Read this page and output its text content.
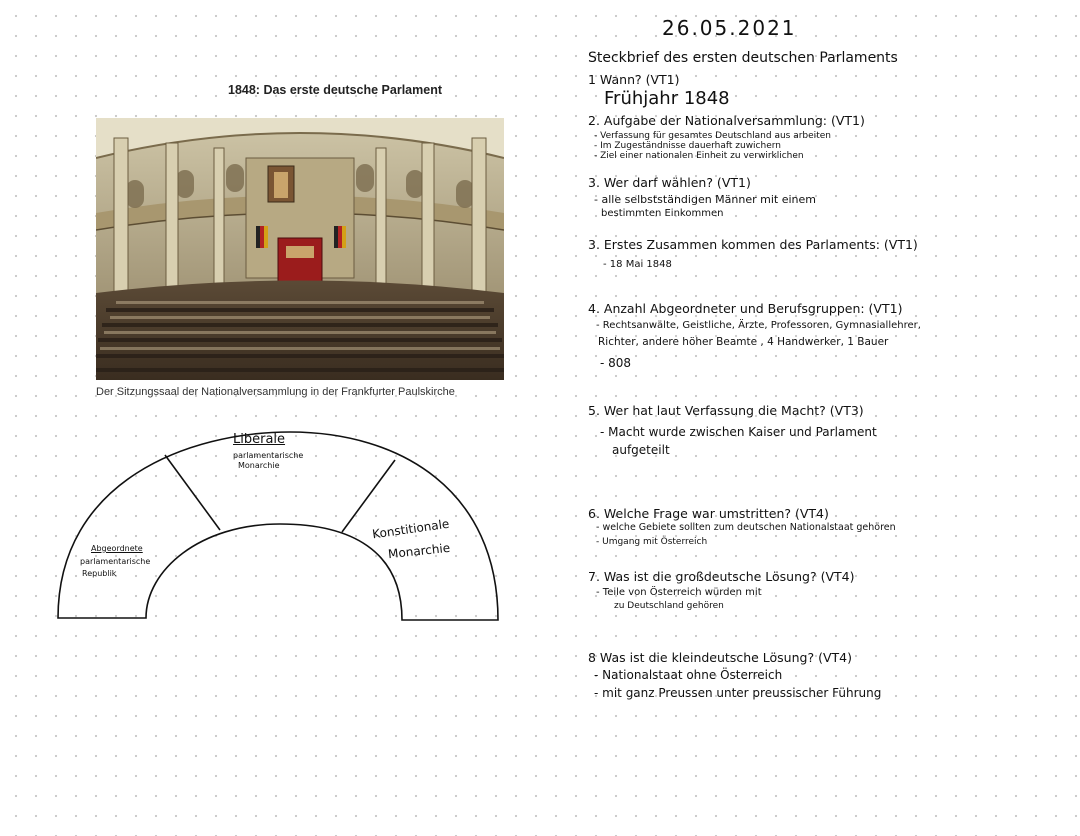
1848: Das erste deutsche Parlament
Der Sitzungssaal der Nationalversammlung in der Frankfurter Paulskirche
Liberale
parlamentarische
Monarchie
Abgeordnete
parlamentarische
Republik
Konstitionale
Monarchie
26.05.2021
Steckbrief des ersten deutschen Parlaments
1 Wann? (VT1)
Frühjahr 1848
2. Aufgabe der Nationalversammlung: (VT1)
- Verfassung für gesamtes Deutschland aus arbeiten
- Im Zugeständnisse dauerhaft zuwichern
- Ziel einer nationalen Einheit zu verwirklichen
3. Wer darf wählen? (VT1)
- alle selbstständigen Männer mit einem
bestimmten Einkommen
3. Erstes Zusammen kommen des Parlaments: (VT1)
- 18 Mai 1848
4. Anzahl Abgeordneter und Berufsgruppen: (VT1)
- Rechtsanwälte, Geistliche, Ärzte, Professoren, Gymnasiallehrer,
Richter, andere höher Beamte , 4 Handwerker, 1 Bauer
- 808
5. Wer hat laut Verfassung die Macht? (VT3)
- Macht wurde zwischen Kaiser und Parlament
aufgeteilt
6. Welche Frage war umstritten? (VT4)
- welche Gebiete sollten zum deutschen Nationalstaat gehören
- Umgang mit Österreich
7. Was ist die großdeutsche Lösung? (VT4)
- Teile von Österreich würden mit
zu Deutschland gehören
8 Was ist die kleindeutsche Lösung? (VT4)
- Nationalstaat ohne Österreich
- mit ganz Preussen unter preussischer Führung
